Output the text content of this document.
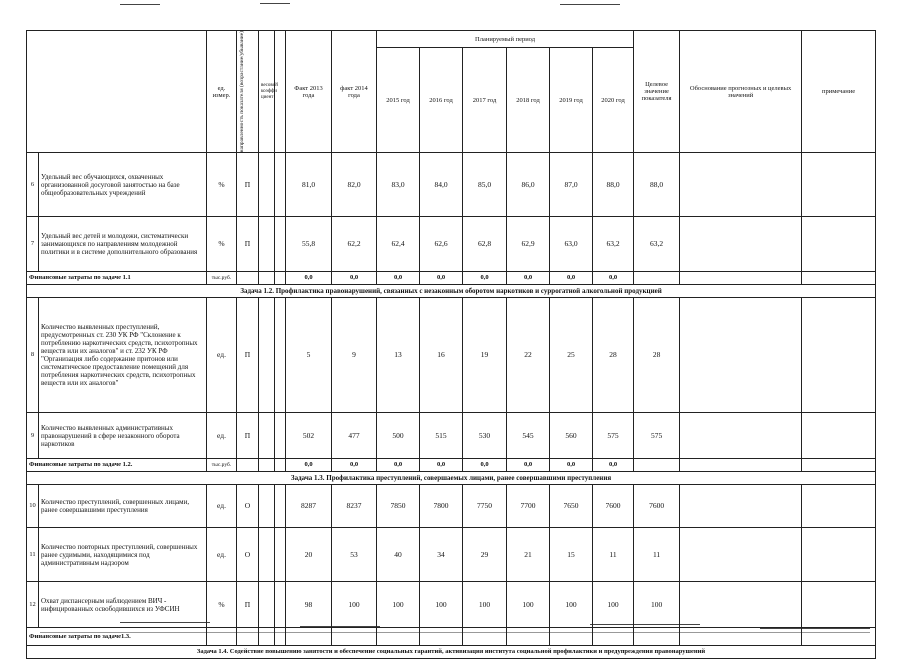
		ед. измер.	направленность показателя (возрастание/убывание)	весовой коэффи циент		Факт 2013 года	факт 2014 года	Планируемый период						Целевое значение показателя	Обоснование прогнозных и целевых значений	примечание
								2015 год	2016 год	2017 год	2018 год	2019 год	2020 год			
6	Удельный вес обучающихся, охваченных организованной досуговой занятостью на базе общеобразовательных учреждений	%	П			81,0	82,0	83,0	84,0	85,0	86,0	87,0	88,0	88,0		
7	Удельный вес детей и молодежи, систематически занимающихся по направлениям молодежной политики и в системе дополнительного образования	%	П			55,8	62,2	62,4	62,6	62,8	62,9	63,0	63,2	63,2		
Финансовые затраты по задаче 1.1		тыс.руб.				0,0	0,0	0,0	0,0	0,0	0,0	0,0	0,0			
Задача 1.2. Профилактика правонарушений, связанных с незаконным оборотом наркотиков и суррогатной алкогольной продукцией																
8	Количество выявленных преступлений, предусмотренных ст. 230 УК РФ "Склонение к потреблению наркотических средств, психотропных веществ или их аналогов" и ст. 232 УК РФ "Организация либо содержание притонов или систематическое предоставление помещений для потребления наркотических средств, психотропных веществ или их аналогов"	ед.	П			5	9	13	16	19	22	25	28	28		
9	Количество выявленных административных правонарушений в сфере незаконного оборота наркотиков	ед.	П			502	477	500	515	530	545	560	575	575		
Финансовые затраты по задаче 1.2.		тыс.руб.				0,0	0,0	0,0	0,0	0,0	0,0	0,0	0,0			
Задача 1.3. Профилактика преступлений, совершаемых лицами, ранее совершавшими преступления																
10	Количество преступлений, совершенных лицами, ранее совершавшими преступления	ед.	О			8287	8237	7850	7800	7750	7700	7650	7600	7600		
11	Количество повторных преступлений, совершенных ранее судимыми, находящимися под административным надзором	ед.	О			20	53	40	34	29	21	15	11	11		
12	Охват диспансерным наблюдением ВИЧ - инфицированных освободившихся из УФСИН	%	П			98	100	100	100	100	100	100	100	100		
Финансовые затраты по задаче1.3.																
Задача 1.4. Содействие повышению занятости и обеспечение социальных гарантий, активизация института социальной профилактики и предупреждения правонарушений																
